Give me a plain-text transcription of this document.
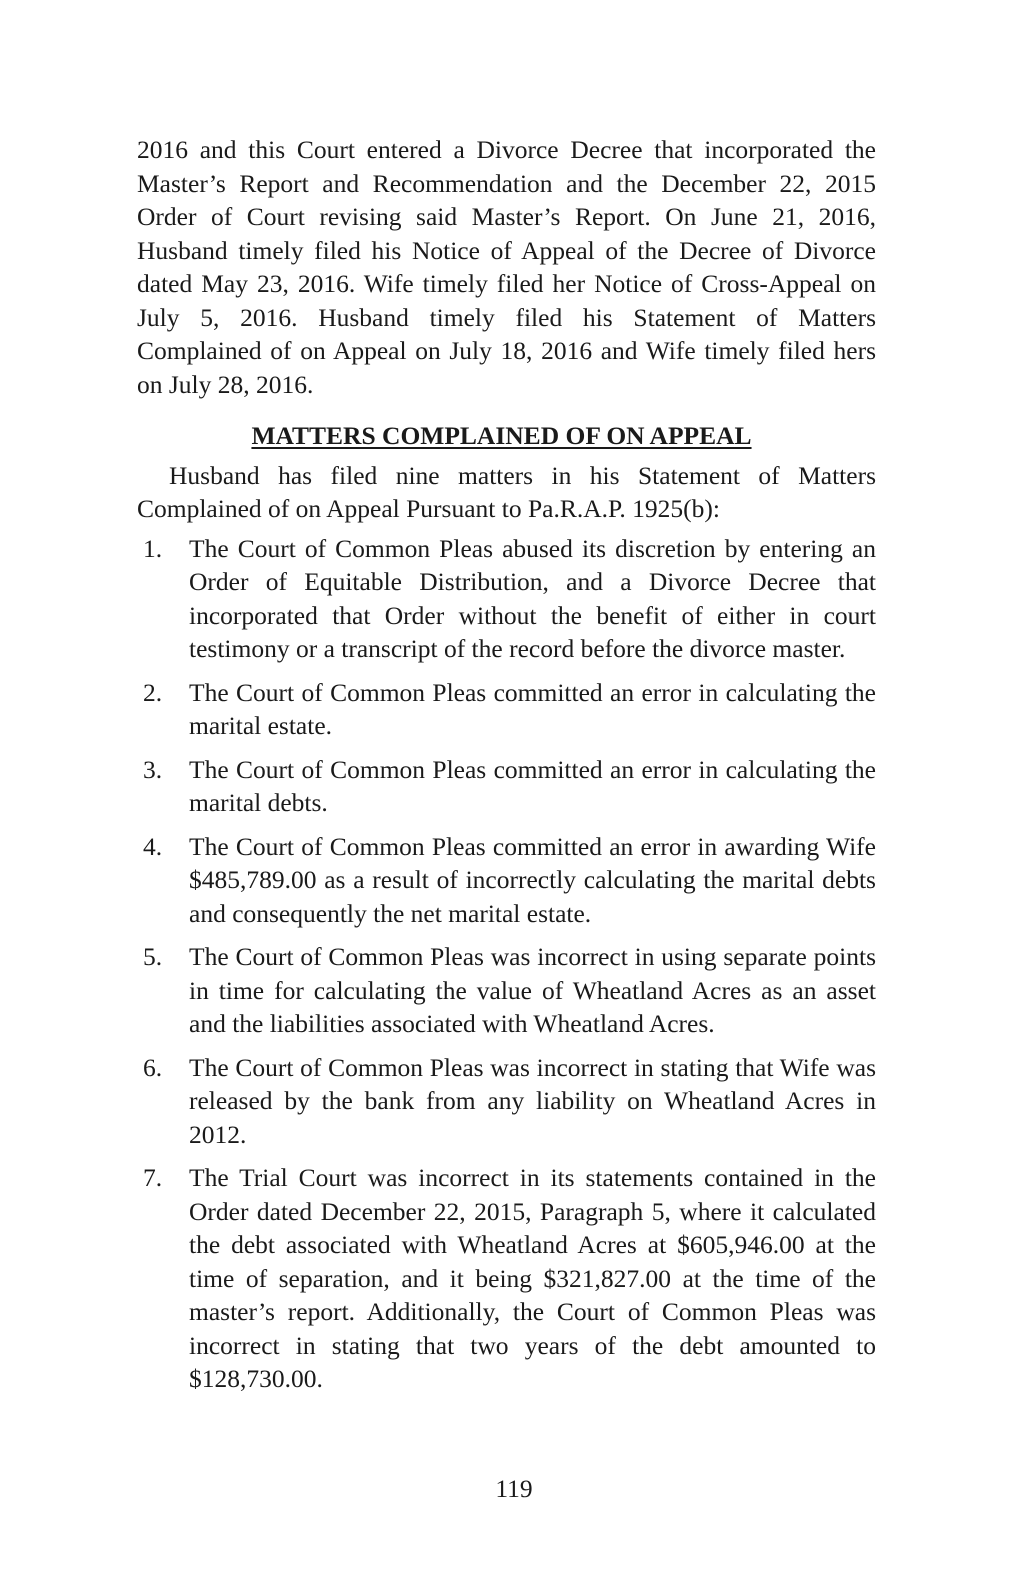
2016 and this Court entered a Divorce Decree that incorporated the Master’s Report and Recommendation and the December 22, 2015 Order of Court revising said Master’s Report. On June 21, 2016, Husband timely filed his Notice of Appeal of the Decree of Divorce dated May 23, 2016. Wife timely filed her Notice of Cross-Appeal on July 5, 2016. Husband timely filed his Statement of Matters Complained of on Appeal on July 18, 2016 and Wife timely filed hers on July 28, 2016.

MATTERS COMPLAINED OF ON APPEAL

Husband has filed nine matters in his Statement of Matters Complained of on Appeal Pursuant to Pa.R.A.P. 1925(b):

1. The Court of Common Pleas abused its discretion by entering an Order of Equitable Distribution, and a Divorce Decree that incorporated that Order without the benefit of either in court testimony or a transcript of the record before the divorce master.
2. The Court of Common Pleas committed an error in calculating the marital estate.
3. The Court of Common Pleas committed an error in calculating the marital debts.
4. The Court of Common Pleas committed an error in awarding Wife $485,789.00 as a result of incorrectly calculating the marital debts and consequently the net marital estate.
5. The Court of Common Pleas was incorrect in using separate points in time for calculating the value of Wheatland Acres as an asset and the liabilities associated with Wheatland Acres.
6. The Court of Common Pleas was incorrect in stating that Wife was released by the bank from any liability on Wheatland Acres in 2012.
7. The Trial Court was incorrect in its statements contained in the Order dated December 22, 2015, Paragraph 5, where it calculated the debt associated with Wheatland Acres at $605,946.00 at the time of separation, and it being $321,827.00 at the time of the master’s report. Additionally, the Court of Common Pleas was incorrect in stating that two years of the debt amounted to $128,730.00.
119
